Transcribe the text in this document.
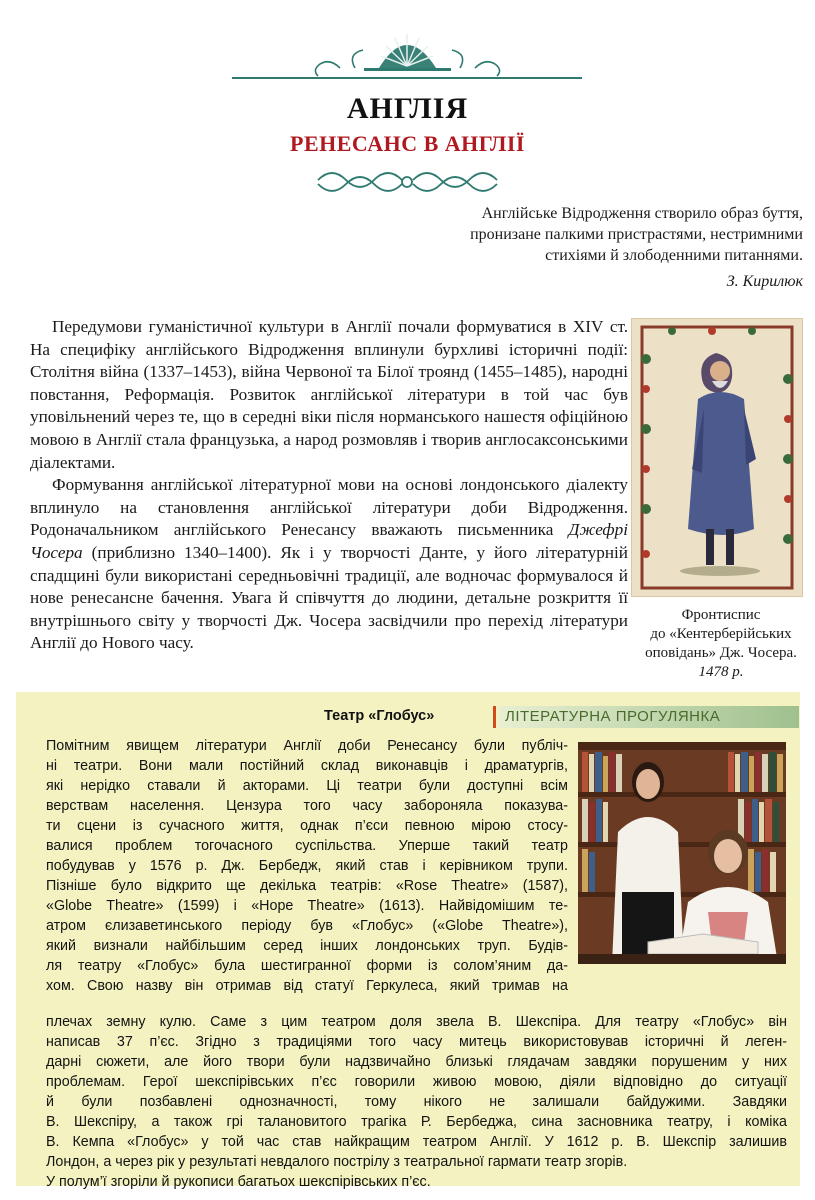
АНГЛІЯ
РЕНЕСАНС В АНГЛІЇ
Англійське Відродження створило образ буття,
пронизане палкими пристрастями, нестримними
стихіями й злободенними питаннями.
З. Кирилюк

Передумови гуманістичної культури в Англії почали формуватися в XIV ст. На специфіку англійського Відродження вплинули бурхливі історичні події: Столітня війна (1337–1453), війна Червоної та Білої троянд (1455–1485), народні повстання, Реформація. Розвиток англійської літератури в той час був уповільнений через те, що в середні віки після норманського нашестя офіційною мовою в Англії стала французька, а народ розмовляв і творив англосаксонськими діалектами.

Формування англійської літературної мови на основі лондонського діалекту вплинуло на становлення англійської літератури доби Відродження. Родоначальником англійського Ренесансу вважають письменника Джефрі Чосера (приблизно 1340–1400). Як і у творчості Данте, у його літературній спадщині були використані середньовічні традиції, але водночас формувалося й нове ренесансне бачення. Увага й співчуття до людини, детальне розкриття її внутрішнього світу у творчості Дж. Чосера засвідчили про перехід літератури Англії до Нового часу.

Фронтиспис
до «Кентерберійських
оповідань» Дж. Чосера.
1478 р.
Театр «Глобус»	ЛІТЕРАТУРНА ПРОГУЛЯНКА
Помітним явищем літератури Англії доби Ренесансу були публіч-
ні театри. Вони мали постійний склад виконавців і драматургів,
які нерідко ставали й акторами. Ці театри були доступні всім
верствам населення. Цензура того часу забороняла показува-
ти сцени із сучасного життя, однак п’єси певною мірою стосу-
валися проблем тогочасного суспільства. Уперше такий театр
побудував у 1576 р. Дж. Бербедж, який став і керівником трупи.
Пізніше було відкрито ще декілька театрів: «Rose Theatre» (1587),
«Globe Theatre» (1599) і «Hope Theatre» (1613). Найвідомішим те-
атром єлизаветинського періоду був «Глобус» («Globe Theatre»),
який визнали найбільшим серед інших лондонських труп. Будів-
ля театру «Глобус» була шестигранної форми із солом’яним да-
хом. Свою назву він отримав від статуї Геркулеса, який тримав на
плечах земну кулю. Саме з цим театром доля звела В. Шекспіра. Для театру «Глобус» він
написав 37 п’єс. Згідно з традиціями того часу митець використовував історичні й леген-
дарні сюжети, але його твори були надзвичайно близькі глядачам завдяки порушеним у них
проблемам. Герої шекспірівських п’єс говорили живою мовою, діяли відповідно до ситуації
й були позбавлені однозначності, тому нікого не залишали байдужими. Завдяки
В. Шекспіру, а також грі талановитого трагіка Р. Бербеджа, сина засновника театру, і коміка
В. Кемпа «Глобус» у той час став найкращим театром Англії. У 1612 р. В. Шекспір залишив
Лондон, а через рік у результаті невдалого пострілу з театральної гармати театр згорів.
У полум’ї згоріли й рукописи багатьох шекспірівських п’єс.
